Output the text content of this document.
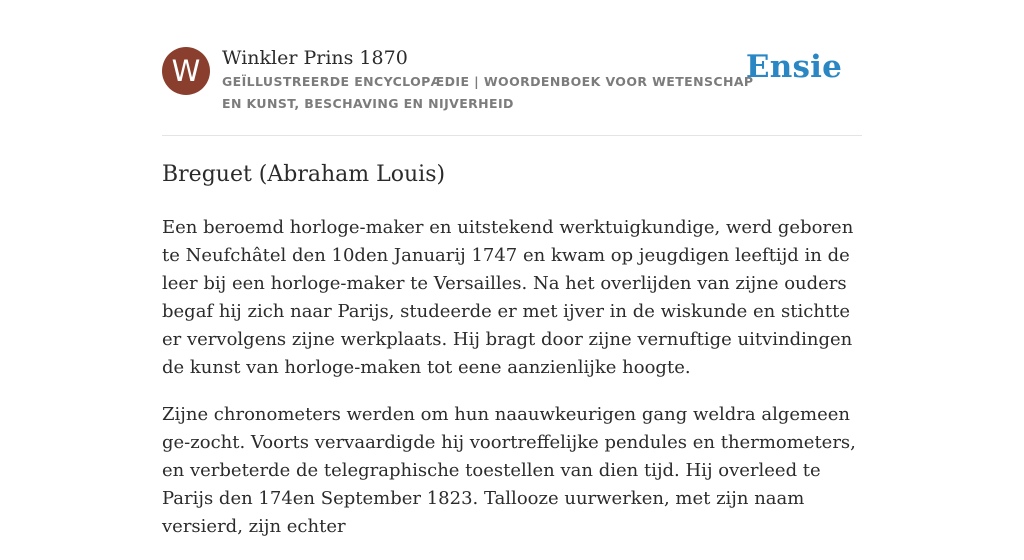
W	Winkler Prins 1870
GEÏLLUSTREERDE ENCYCLOPÆDIE | WOORDENBOEK VOOR WETENSCHAP EN KUNST, BESCHAVING EN NIJVERHEID
Ensie
Breguet (Abraham Louis)

Een beroemd horloge-maker en uitstekend werktuigkundige, werd geboren te Neufchâtel den 10den Januarij 1747 en kwam op jeugdigen leeftijd in de leer bij een horloge-maker te Versailles. Na het overlijden van zijne ouders begaf hij zich naar Parijs, studeerde er met ijver in de wiskunde en stichtte er vervolgens zijne werkplaats. Hij bragt door zijne vernuftige uitvindingen de kunst van horloge-maken tot eene aanzienlijke hoogte.

Zijne chronometers werden om hun naauwkeurigen gang weldra algemeen ge-zocht. Voorts vervaardigde hij voortreffelijke pendules en thermometers, en verbeterde de telegraphische toestellen van dien tijd. Hij overleed te Parijs den 174en September 1823. Tallooze uurwerken, met zijn naam versierd, zijn echter
